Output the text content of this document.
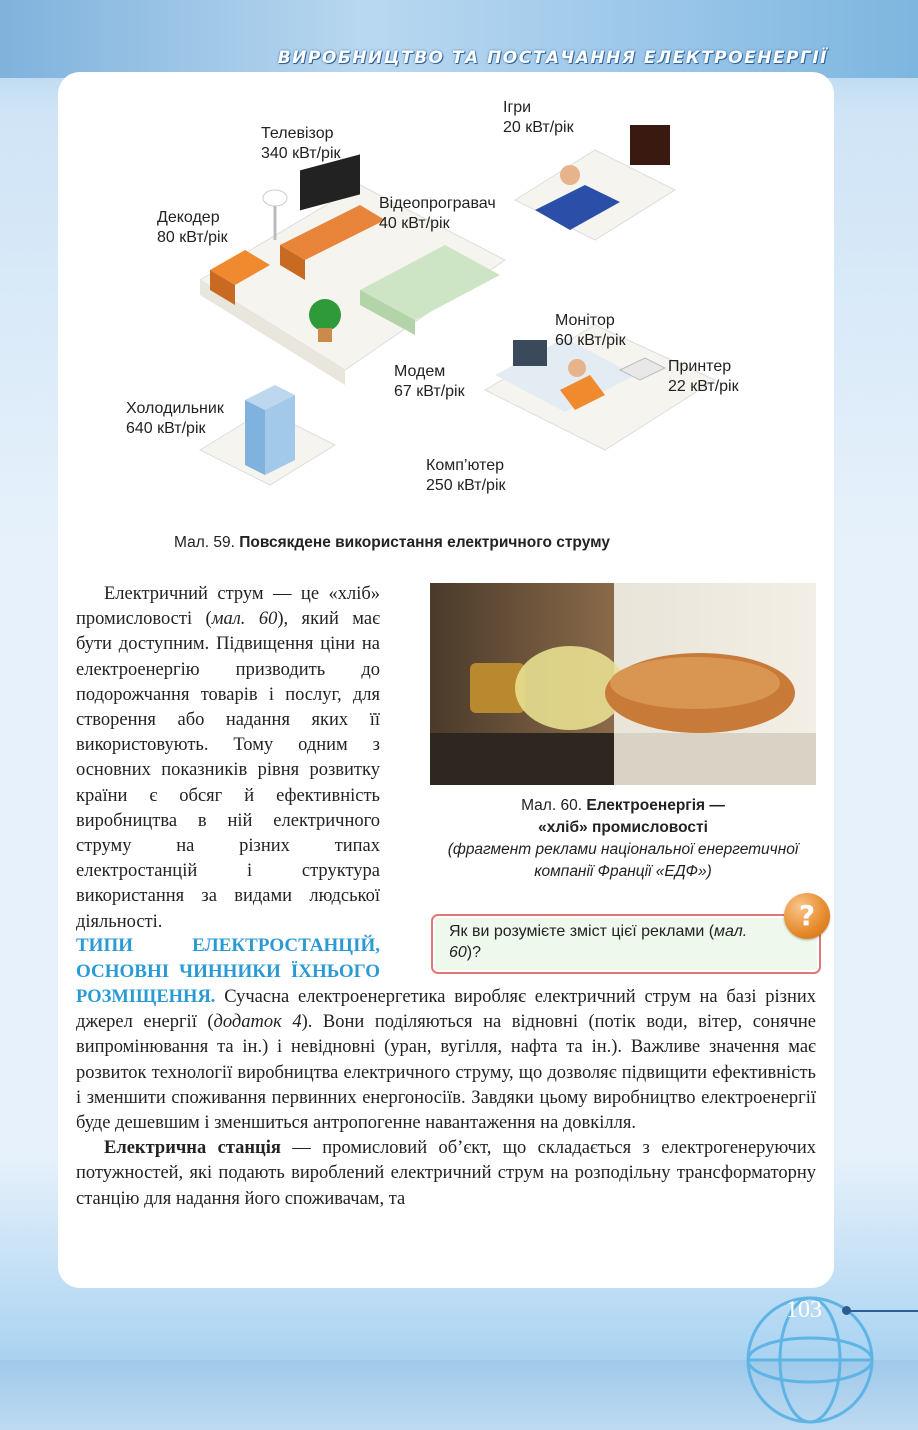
ВИРОБНИЦТВО ТА ПОСТАЧАННЯ ЕЛЕКТРОЕНЕРГІЇ
Ігри
20 кВт/рік
Телевізор
340 кВт/рік
Відеопрогравач
40 кВт/рік
Декодер
80 кВт/рік
Монітор
60 кВт/рік
Модем
67 кВт/рік
Принтер
22 кВт/рік
Холодильник
640 кВт/рік
Комп’ютер
250 кВт/рік
Мал. 59. Повсякдене використання електричного струму

Електричний струм — це «хліб» промисловості (мал. 60), який має бути доступним. Підвищення ціни на електроенергію призводить до подорожчання товарів і послуг, для створення або надання яких її використовують. Тому одним з основних показників рівня розвитку країни є обсяг й ефективність виробництва в ній електричного струму на різних типах електростанцій і структура використання за видами людської діяльності.

ТИПИ ЕЛЕКТРОСТАНЦІЙ, ОСНОВНІ ЧИННИКИ ЇХНЬОГО

РОЗМІЩЕННЯ. Сучасна електроенергетика виробляє електричний струм на базі різних джерел енергії (додаток 4). Вони поділяються на відновні (потік води, вітер, сонячне випромінювання та ін.) і невідновні (уран, вугілля, нафта та ін.). Важливе значення має розвиток технології виробництва електричного струму, що дозволяє підвищити ефективність і зменшити споживання первинних енергоносіїв. Завдяки цьому виробництво електроенергії буде дешевшим і зменшиться антропогенне навантаження на довкілля.

Електрична станція — промисловий об’єкт, що складається з електрогенеруючих потужностей, які подають вироблений електричний струм на розподільну трансформаторну станцію для надання його споживачам, та

Мал. 60. Електроенергія —
«хліб» промисловості
(фрагмент реклами національної енергетичної компанії Франції «ЕДФ»)
Як ви розумієте зміст цієї реклами (мал. 60)?
?
103
